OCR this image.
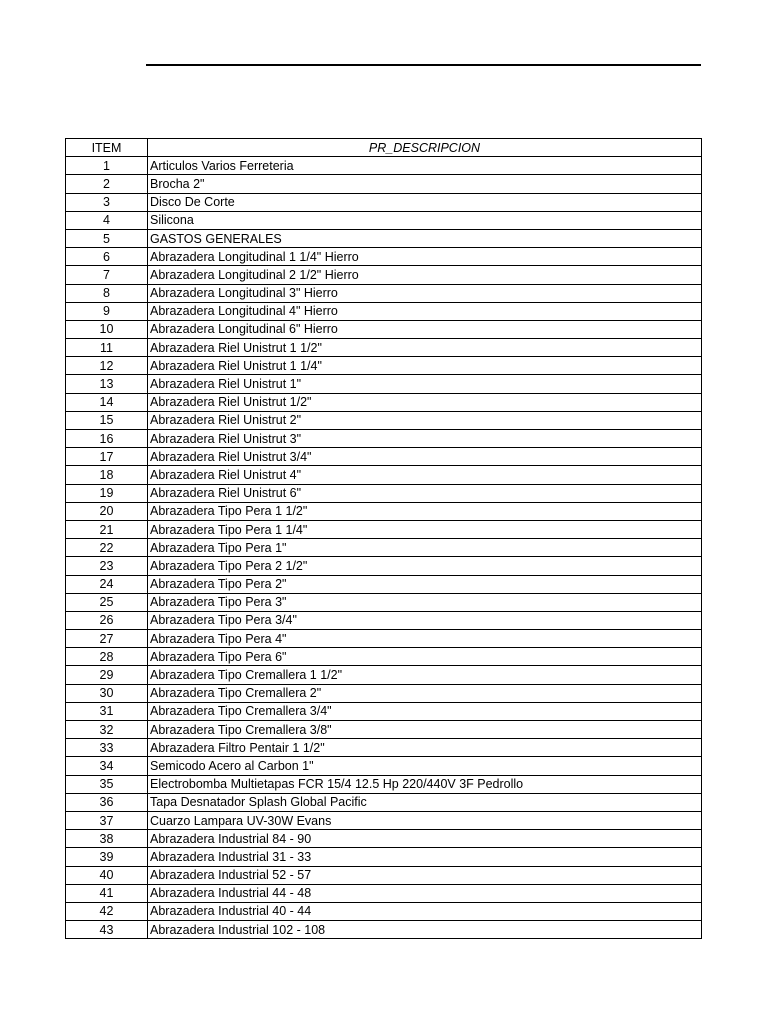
ITEM	PR_DESCRIPCION
1	Articulos Varios Ferreteria
2	Brocha 2"
3	Disco De Corte
4	Silicona
5	GASTOS GENERALES
6	Abrazadera Longitudinal 1 1/4" Hierro
7	Abrazadera Longitudinal 2 1/2" Hierro
8	Abrazadera Longitudinal 3" Hierro
9	Abrazadera Longitudinal 4" Hierro
10	Abrazadera Longitudinal 6" Hierro
11	Abrazadera Riel Unistrut 1 1/2"
12	Abrazadera Riel Unistrut 1 1/4"
13	Abrazadera Riel Unistrut 1"
14	Abrazadera Riel Unistrut 1/2"
15	Abrazadera Riel Unistrut 2"
16	Abrazadera Riel Unistrut 3"
17	Abrazadera Riel Unistrut 3/4"
18	Abrazadera Riel Unistrut 4"
19	Abrazadera Riel Unistrut 6"
20	Abrazadera Tipo Pera 1 1/2"
21	Abrazadera Tipo Pera 1 1/4"
22	Abrazadera Tipo Pera 1"
23	Abrazadera Tipo Pera 2 1/2"
24	Abrazadera Tipo Pera 2"
25	Abrazadera Tipo Pera 3"
26	Abrazadera Tipo Pera 3/4"
27	Abrazadera Tipo Pera 4"
28	Abrazadera Tipo Pera 6"
29	Abrazadera Tipo Cremallera 1 1/2"
30	Abrazadera Tipo Cremallera 2"
31	Abrazadera Tipo Cremallera 3/4"
32	Abrazadera Tipo Cremallera 3/8"
33	Abrazadera Filtro Pentair 1 1/2"
34	Semicodo Acero al Carbon 1"
35	Electrobomba Multietapas FCR 15/4 12.5 Hp 220/440V 3F Pedrollo
36	Tapa Desnatador Splash Global Pacific
37	Cuarzo Lampara UV-30W Evans
38	Abrazadera Industrial 84 - 90
39	Abrazadera Industrial 31 - 33
40	Abrazadera Industrial 52 - 57
41	Abrazadera Industrial 44 - 48
42	Abrazadera Industrial 40 - 44
43	Abrazadera Industrial 102 - 108
